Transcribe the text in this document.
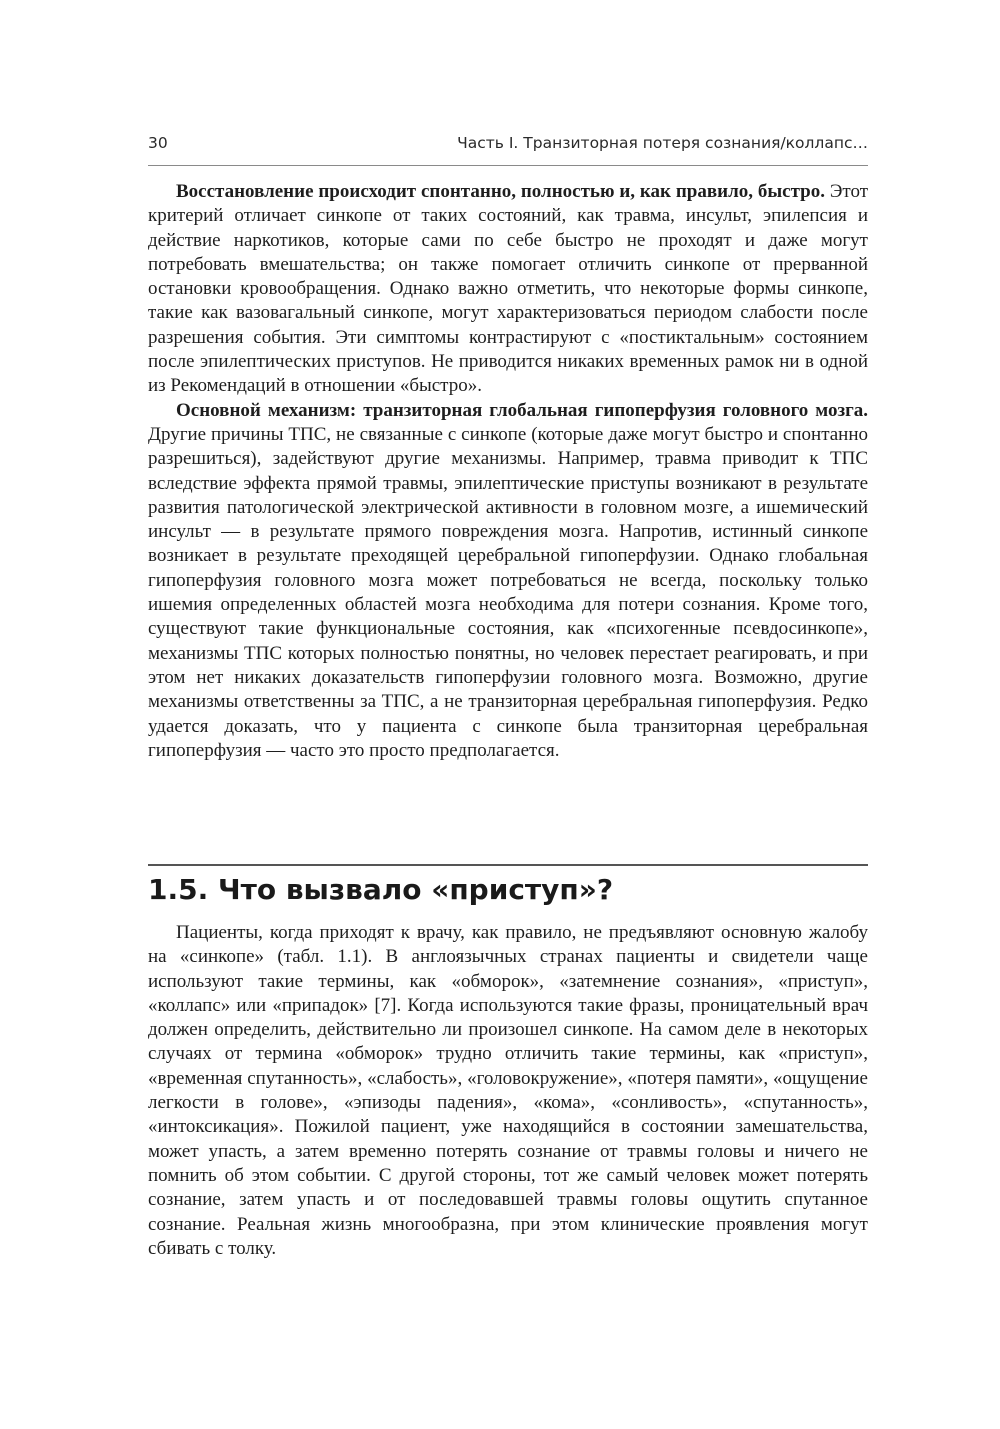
30	Часть I. Транзиторная потеря сознания/коллапс…

Восстановление происходит спонтанно, полностью и, как правило, быстро. Этот критерий отличает синкопе от таких состояний, как травма, инсульт, эпилепсия и действие наркотиков, которые сами по себе быстро не проходят и даже могут потребовать вмешательства; он также помогает отличить синкопе от прерванной остановки кровообращения. Однако важно отметить, что некоторые формы синкопе, такие как вазовагальный синкопе, могут характеризоваться периодом слабости после разрешения события. Эти симптомы контрастируют с «постиктальным» состоянием после эпилептических приступов. Не приводится никаких временных рамок ни в одной из Рекомендаций в отношении «быстро».

Основной механизм: транзиторная глобальная гипоперфузия головного мозга. Другие причины ТПС, не связанные с синкопе (которые даже могут быстро и спонтанно разрешиться), задействуют другие механизмы. Например, травма приводит к ТПС вследствие эффекта прямой травмы, эпилептические приступы возникают в результате развития патологической электрической активности в головном мозге, а ишемический инсульт — в результате прямого повреждения мозга. Напротив, истинный синкопе возникает в результате преходящей церебральной гипоперфузии. Однако глобальная гипоперфузия головного мозга может потребоваться не всегда, поскольку только ишемия определенных областей мозга необходима для потери сознания. Кроме того, существуют такие функциональные состояния, как «психогенные псевдосинкопе», механизмы ТПС которых полностью понятны, но человек перестает реагировать, и при этом нет никаких доказательств гипоперфузии головного мозга. Возможно, другие механизмы ответственны за ТПС, а не транзиторная церебральная гипоперфузия. Редко удается доказать, что у пациента с синкопе была транзиторная церебральная гипоперфузия — часто это просто предполагается.

1.5. Что вызвало «приступ»?

Пациенты, когда приходят к врачу, как правило, не предъявляют основную жалобу на «синкопе» (табл. 1.1). В англоязычных странах пациенты и свидетели чаще используют такие термины, как «обморок», «затемнение сознания», «приступ», «коллапс» или «припадок» [7]. Когда используются такие фразы, проницательный врач должен определить, действительно ли произошел синкопе. На самом деле в некоторых случаях от термина «обморок» трудно отличить такие термины, как «приступ», «временная спутанность», «слабость», «головокружение», «потеря памяти», «ощущение легкости в голове», «эпизоды падения», «кома», «сонливость», «спутанность», «интоксикация». Пожилой пациент, уже находящийся в состоянии замешательства, может упасть, а затем временно потерять сознание от травмы головы и ничего не помнить об этом событии. С другой стороны, тот же самый человек может потерять сознание, затем упасть и от последовавшей травмы головы ощутить спутанное сознание. Реальная жизнь многообразна, при этом клинические проявления могут сбивать с толку.
